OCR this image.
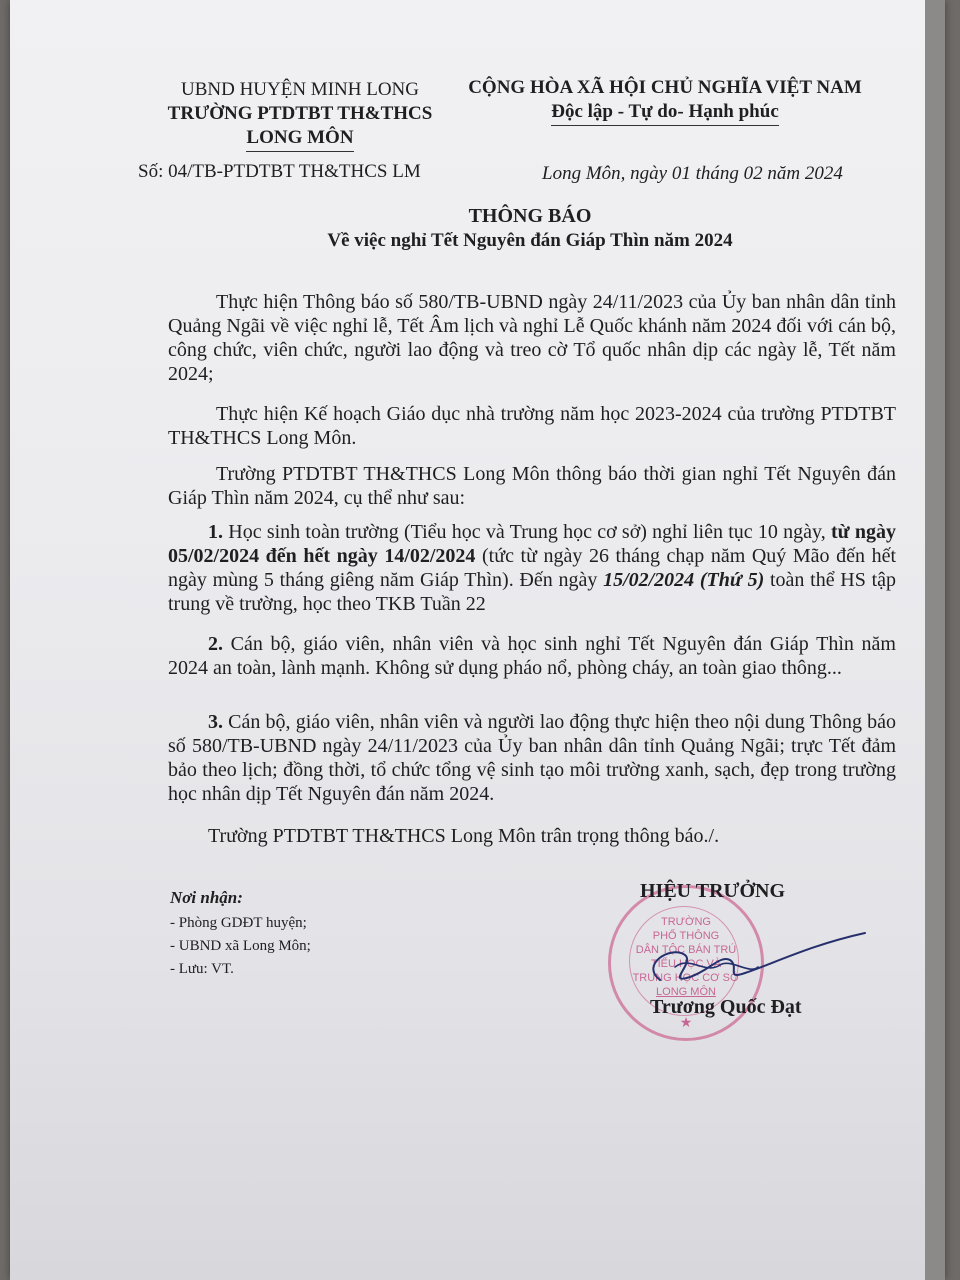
UBND HUYỆN MINH LONG
TRƯỜNG PTDTBT TH&THCS
LONG MÔN
Số: 04/TB-PTDTBT TH&THCS LM
CỘNG HÒA XÃ HỘI CHỦ NGHĨA VIỆT NAM
Độc lập - Tự do- Hạnh phúc
Long Môn, ngày 01 tháng 02 năm 2024
THÔNG BÁO
Về việc nghỉ Tết Nguyên đán Giáp Thìn năm 2024

Thực hiện Thông báo số 580/TB-UBND ngày 24/11/2023 của Ủy ban nhân dân tỉnh Quảng Ngãi về việc nghỉ lễ, Tết Âm lịch và nghỉ Lễ Quốc khánh năm 2024 đối với cán bộ, công chức, viên chức, người lao động và treo cờ Tổ quốc nhân dịp các ngày lễ, Tết năm 2024;

Thực hiện Kế hoạch Giáo dục nhà trường năm học 2023-2024 của trường PTDTBT TH&THCS Long Môn.

Trường PTDTBT TH&THCS Long Môn thông báo thời gian nghỉ Tết Nguyên đán Giáp Thìn năm 2024, cụ thể như sau:

1. Học sinh toàn trường (Tiểu học và Trung học cơ sở) nghỉ liên tục 10 ngày, từ ngày 05/02/2024 đến hết ngày 14/02/2024 (tức từ ngày 26 tháng chạp năm Quý Mão đến hết ngày mùng 5 tháng giêng năm Giáp Thìn). Đến ngày 15/02/2024 (Thứ 5) toàn thể HS tập trung về trường, học theo TKB Tuần 22

2. Cán bộ, giáo viên, nhân viên và học sinh nghỉ Tết Nguyên đán Giáp Thìn năm 2024 an toàn, lành mạnh. Không sử dụng pháo nổ, phòng cháy, an toàn giao thông...

3. Cán bộ, giáo viên, nhân viên và người lao động thực hiện theo nội dung Thông báo số 580/TB-UBND ngày 24/11/2023 của Ủy ban nhân dân tỉnh Quảng Ngãi; trực Tết đảm bảo theo lịch; đồng thời, tổ chức tổng vệ sinh tạo môi trường xanh, sạch, đẹp trong trường học nhân dịp Tết Nguyên đán năm 2024.

Trường PTDTBT TH&THCS Long Môn trân trọng thông báo./.

Nơi nhận:
- Phòng GDĐT huyện;
- UBND xã Long Môn;
- Lưu: VT.
TRƯỜNG
PHỔ THÔNG
DÂN TỘC BÁN TRÚ
TIỂU HỌC VÀ
TRUNG HỌC CƠ SỞ
LONG MÔN
★
HIỆU TRƯỞNG
Trương Quốc Đạt
